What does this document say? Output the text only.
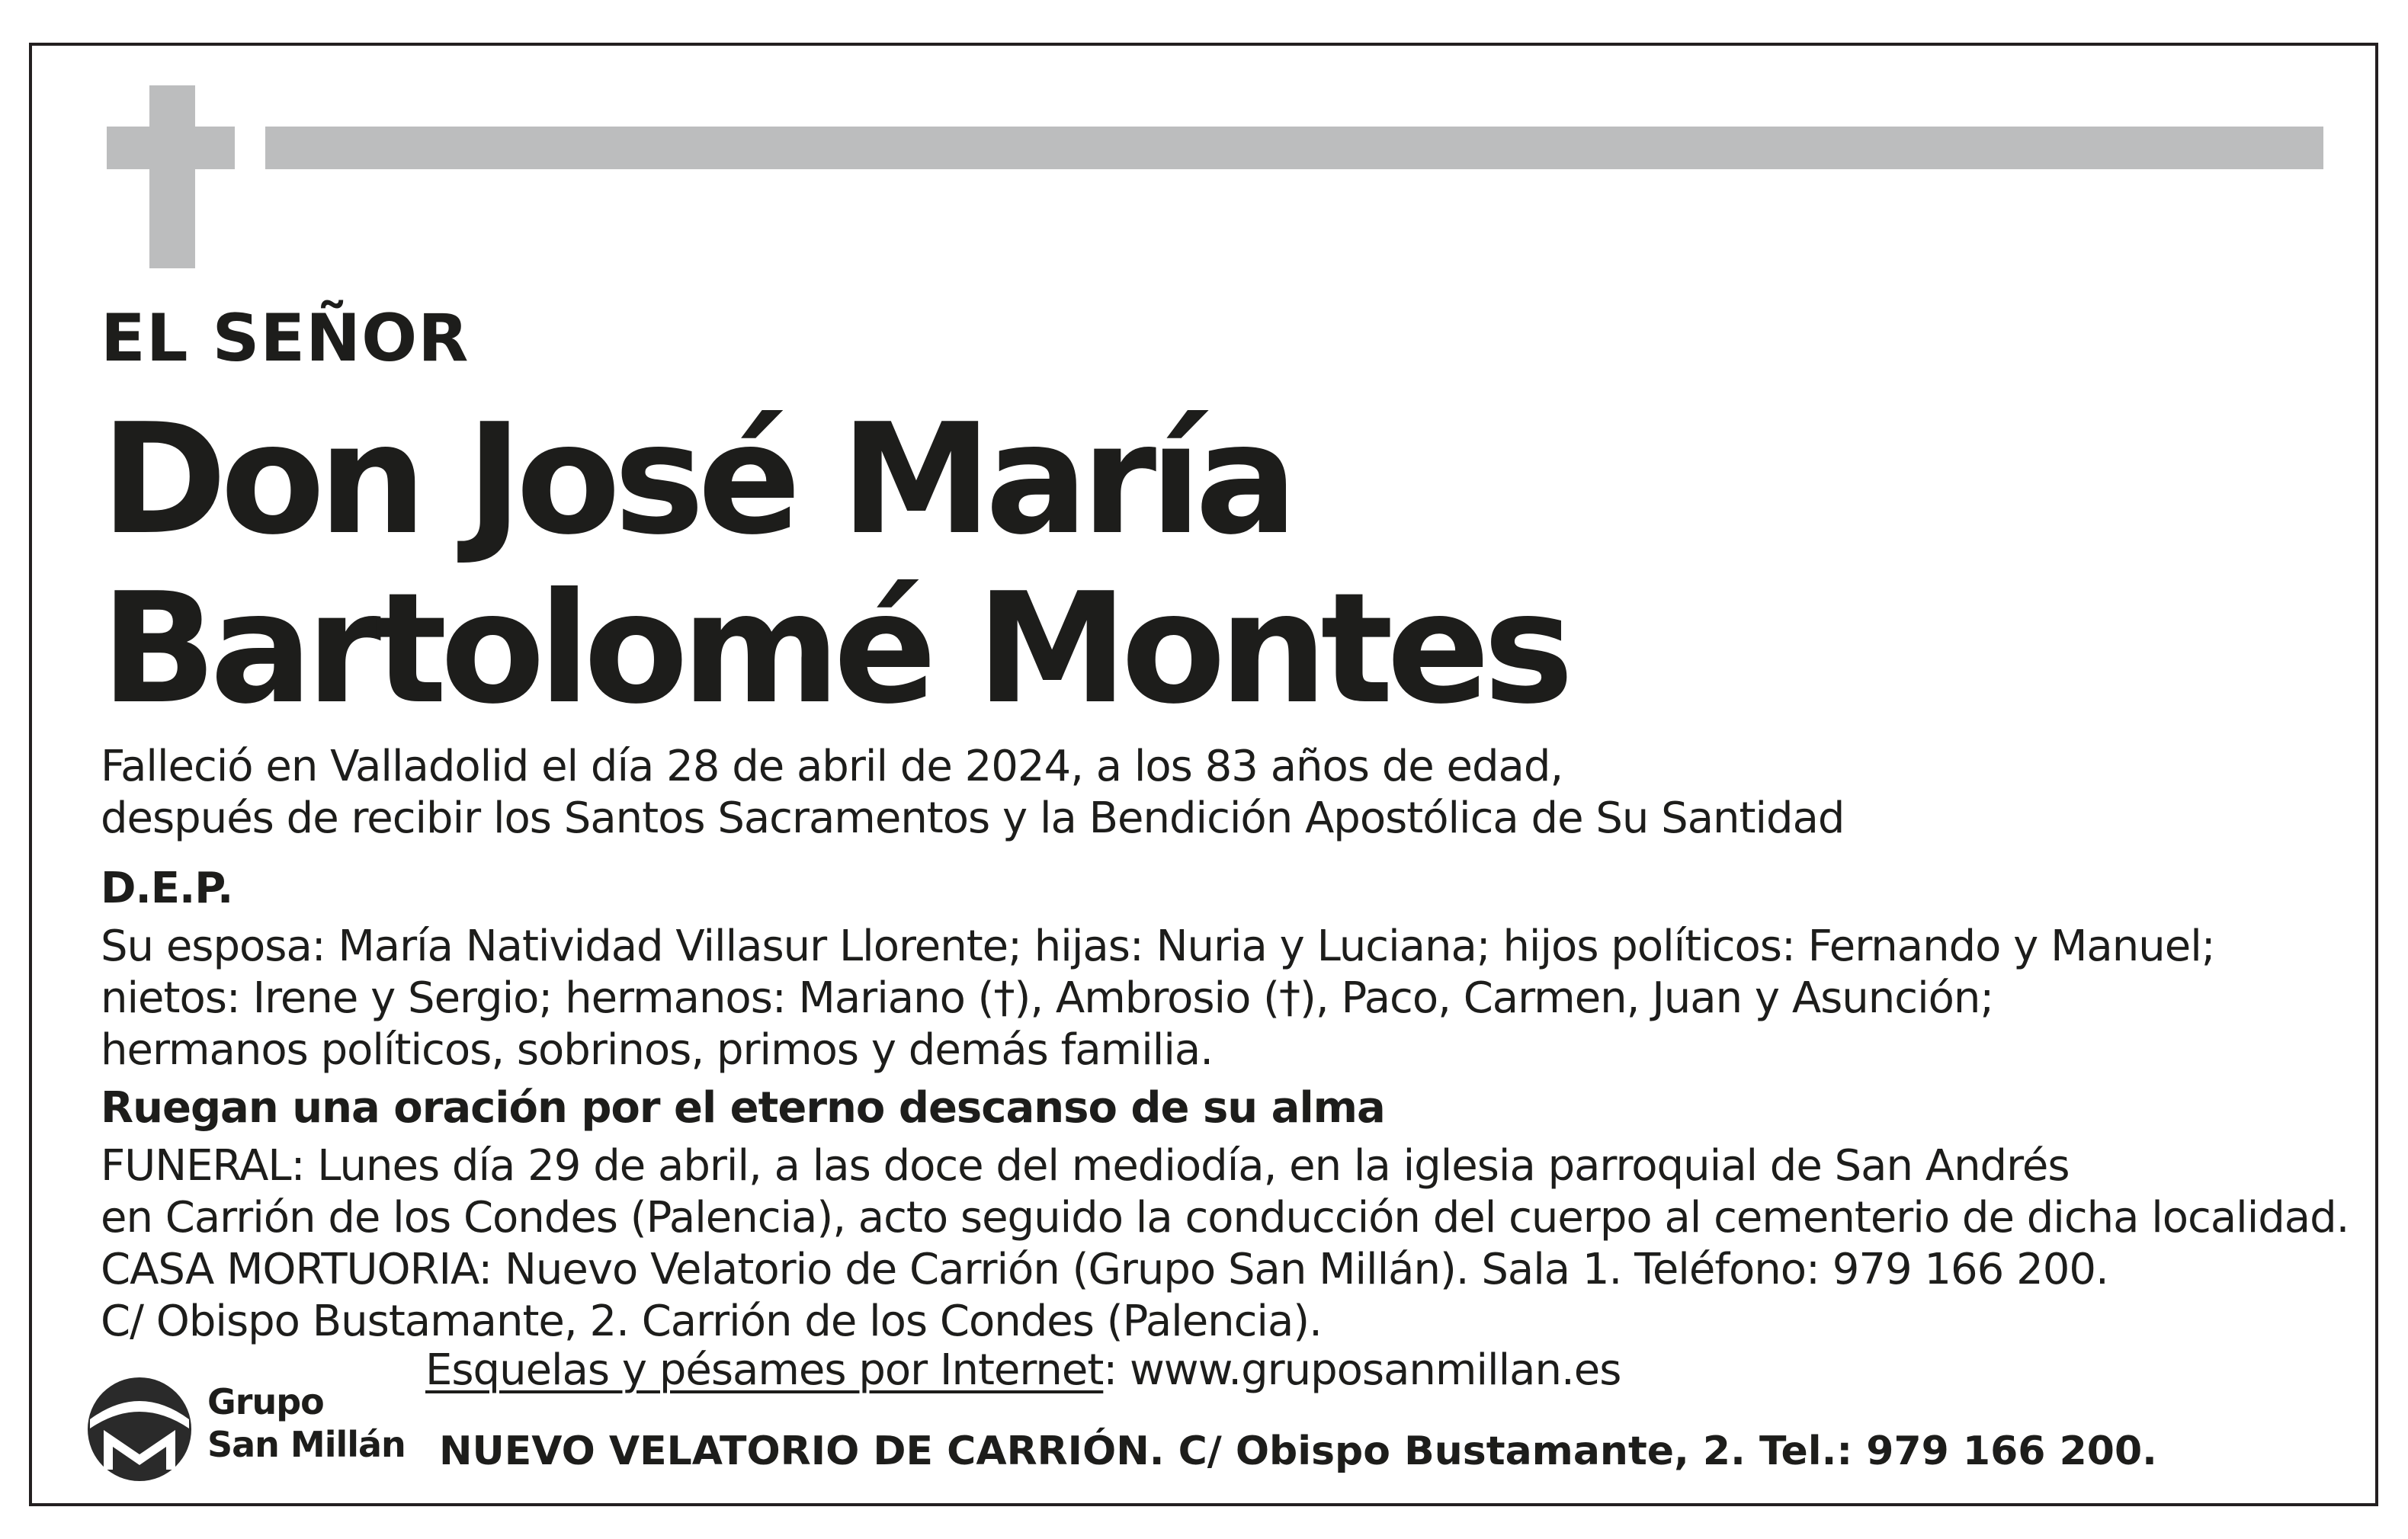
EL SEÑOR
Don José María
Bartolomé Montes
Falleció en Valladolid el día 28 de abril de 2024, a los 83 años de edad,
después de recibir los Santos Sacramentos y la Bendición Apostólica de Su Santidad
D.E.P.
Su esposa: María Natividad Villasur Llorente; hijas: Nuria y Luciana; hijos políticos: Fernando y Manuel;
nietos: Irene y Sergio; hermanos: Mariano (†), Ambrosio (†), Paco, Carmen, Juan y Asunción;
hermanos políticos, sobrinos, primos y demás familia.
Ruegan una oración por el eterno descanso de su alma
FUNERAL: Lunes día 29 de abril, a las doce del mediodía, en la iglesia parroquial de San Andrés
en Carrión de los Condes (Palencia), acto seguido la conducción del cuerpo al cementerio de dicha localidad.
CASA MORTUORIA: Nuevo Velatorio de Carrión (Grupo San Millán). Sala 1. Teléfono: 979 166 200.
C/ Obispo Bustamante, 2. Carrión de los Condes (Palencia).
Esquelas y pésames por Internet: www.gruposanmillan.es
Grupo
San Millán NUEVO VELATORIO DE CARRIÓN. C/ Obispo Bustamante, 2. Tel.: 979 166 200.
